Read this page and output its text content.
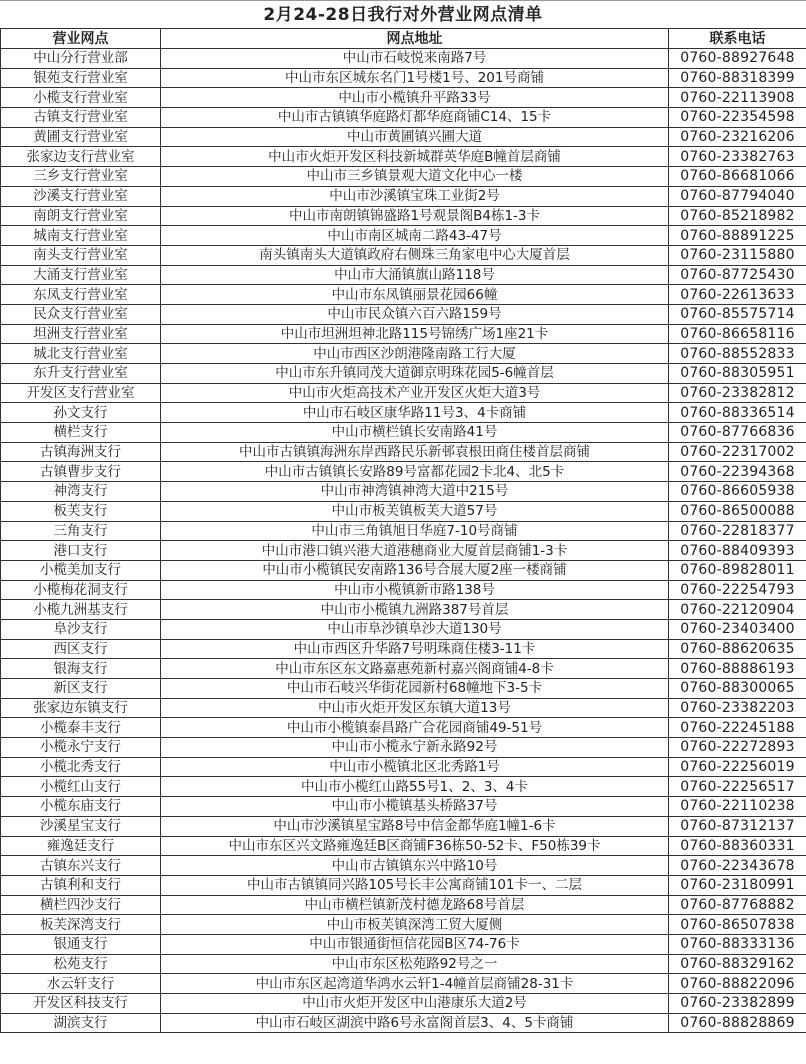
2月24-28日我行对外营业网点清单
营业网点	网点地址	联系电话
中山分行营业部	中山市石岐悦来南路7号	0760-88927648
银苑支行营业室	中山市东区城东名门1号楼1号、201号商铺	0760-88318399
小榄支行营业室	中山市小榄镇升平路33号	0760-22113908
古镇支行营业室	中山市古镇镇华庭路灯都华庭商铺C14、15卡	0760-22354598
黄圃支行营业室	中山市黄圃镇兴圃大道	0760-23216206
张家边支行营业室	中山市火炬开发区科技新城群英华庭B幢首层商铺	0760-23382763
三乡支行营业室	中山市三乡镇景观大道文化中心一楼	0760-86681066
沙溪支行营业室	中山市沙溪镇宝珠工业街2号	0760-87794040
南朗支行营业室	中山市南朗镇锦盛路1号观景阁B4栋1-3卡	0760-85218982
城南支行营业室	中山市南区城南二路43-47号	0760-88891225
南头支行营业室	南头镇南头大道镇政府右侧珠三角家电中心大厦首层	0760-23115880
大涌支行营业室	中山市大涌镇旗山路118号	0760-87725430
东凤支行营业室	中山市东凤镇丽景花园66幢	0760-22613633
民众支行营业室	中山市民众镇六百六路159号	0760-85575714
坦洲支行营业室	中山市坦洲坦神北路115号锦绣广场1座21卡	0760-86658116
城北支行营业室	中山市西区沙朗港隆南路工行大厦	0760-88552833
东升支行营业室	中山市东升镇同茂大道御京明珠花园5-6幢首层	0760-88305951
开发区支行营业室	中山市火炬高技术产业开发区火炬大道3号	0760-23382812
孙文支行	中山市石岐区康华路11号3、4卡商铺	0760-88336514
横栏支行	中山市横栏镇长安南路41号	0760-87766836
古镇海洲支行	中山市古镇镇海洲东岸西路民乐新邨袁根田商住楼首层商铺	0760-22317002
古镇曹步支行	中山市古镇镇长安路89号富都花园2卡北4、北5卡	0760-22394368
神湾支行	中山市神湾镇神湾大道中215号	0760-86605938
板芙支行	中山市板芙镇板芙大道57号	0760-86500088
三角支行	中山市三角镇旭日华庭7-10号商铺	0760-22818377
港口支行	中山市港口镇兴港大道港穗商业大厦首层商铺1-3卡	0760-88409393
小榄美加支行	中山市小榄镇民安南路136号合展大厦2座一楼商铺	0760-89828011
小榄梅花洞支行	中山市小榄镇新市路138号	0760-22254793
小榄九洲基支行	中山市小榄镇九洲路387号首层	0760-22120904
阜沙支行	中山市阜沙镇阜沙大道130号	0760-23403400
西区支行	中山市西区升华路7号明珠商住楼3-11卡	0760-88620635
银海支行	中山市东区东文路嘉惠苑新村嘉兴阁商铺4-8卡	0760-88886193
新区支行	中山市石岐兴华街花园新村68幢地下3-5卡	0760-88300065
张家边东镇支行	中山市火炬开发区东镇大道13号	0760-23382203
小榄泰丰支行	中山市小榄镇泰昌路广合花园商铺49-51号	0760-22245188
小榄永宁支行	中山市小榄永宁新永路92号	0760-22272893
小榄北秀支行	中山市小榄镇北区北秀路1号	0760-22256019
小榄红山支行	中山市小榄红山路55号1、2、3、4卡	0760-22256517
小榄东庙支行	中山市小榄镇基头桥路37号	0760-22110238
沙溪星宝支行	中山市沙溪镇星宝路8号中信金都华庭1幢1-6卡	0760-87312137
雍逸廷支行	中山市东区兴文路雍逸廷B区商铺F36栋50-52卡、F50栋39卡	0760-88360331
古镇东兴支行	中山市古镇镇东兴中路10号	0760-22343678
古镇利和支行	中山市古镇镇同兴路105号长丰公寓商铺101卡一、二层	0760-23180991
横栏四沙支行	中山市横栏镇新茂村德龙路68号首层	0760-87768882
板芙深湾支行	中山市板芙镇深湾工贸大厦侧	0760-86507838
银通支行	中山市银通街恒信花园B区74-76卡	0760-88333136
松苑支行	中山市东区松苑路92号之一	0760-88329162
水云轩支行	中山市东区起湾道华鸿水云轩1-4幢首层商铺28-31卡	0760-88822096
开发区科技支行	中山市火炬开发区中山港康乐大道2号	0760-23382899
湖滨支行	中山市石岐区湖滨中路6号永富阁首层3、4、5卡商铺	0760-88828869
